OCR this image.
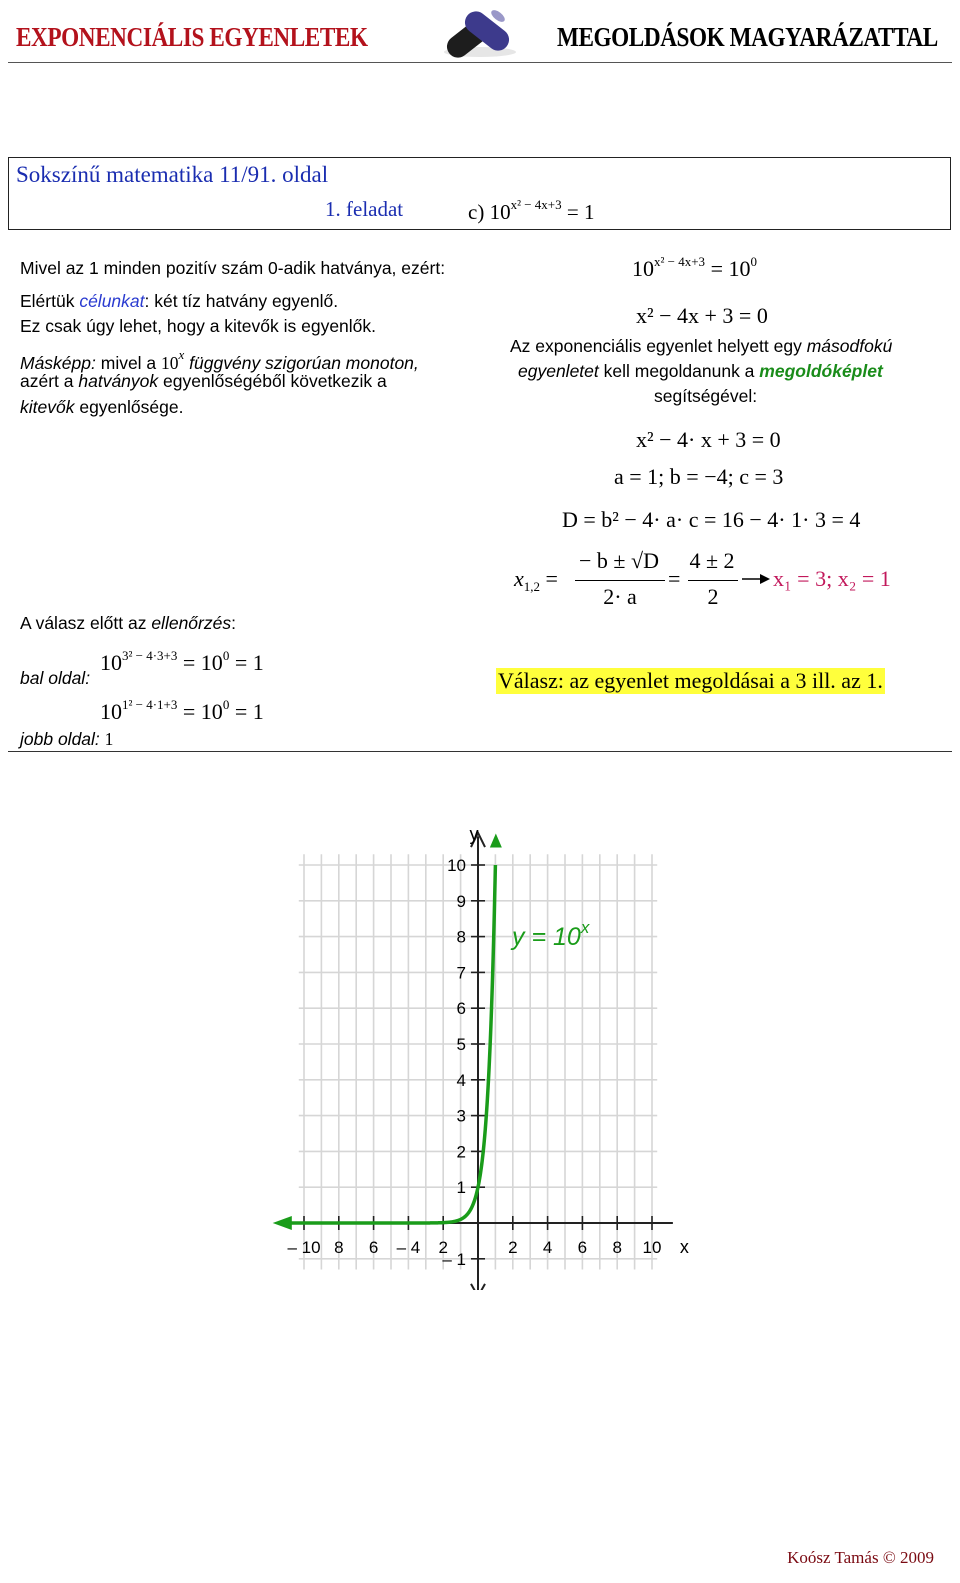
EXPONENCIÁLIS EGYENLETEK	MEGOLDÁSOK MAGYARÁZATTAL
Sokszínű matematika 11/91. oldal
1. feladat	c) $10^{x^2 - 4x+3} = 1$
Mivel az 1 minden pozitív szám 0-adik hatványa, ezért:
Elértük célunkat: két tíz hatvány egyenlő.
Ez csak úgy lehet, hogy a kitevők is egyenlők.
Másképp: mivel a 10$^x$ függvény szigorúan monoton,
azért a hatványok egyenlőségéből következik a
kitevők egyenlősége.
A válasz előtt az ellenőrzés:
$10^{3^2 - 4\cdot 3+3} = 10^0 = 1$
bal oldal:
$10^{1^2 - 4\cdot 1+3} = 10^0 = 1$
jobb oldal: 1
$10^{x^2 - 4x+3} = 10^0$
x² − 4x + 3 = 0
Az exponenciális egyenlet helyett egy másodfokú
egyenletet kell megoldanunk a megoldóképlet
segítségével:
x² − 4· x + 3 = 0
a = 1; b = −4; c = 3
D = b² − 4· a· c = 16 − 4· 1· 3 = 4
$x_{1,2}$ =
− b ± √D
2· a
=
4 ± 2
2
x₁ = 3; x₂ = 1
Válasz: az egyenlet megoldásai a 3 ill. az 1.
10
9
8
7
6
5
4
3
2
1
y
– 10 8 6 – 4 2	2 4 6 8 10 x
– 1
$y = 10^x$
Koósz Tamás © 2009
